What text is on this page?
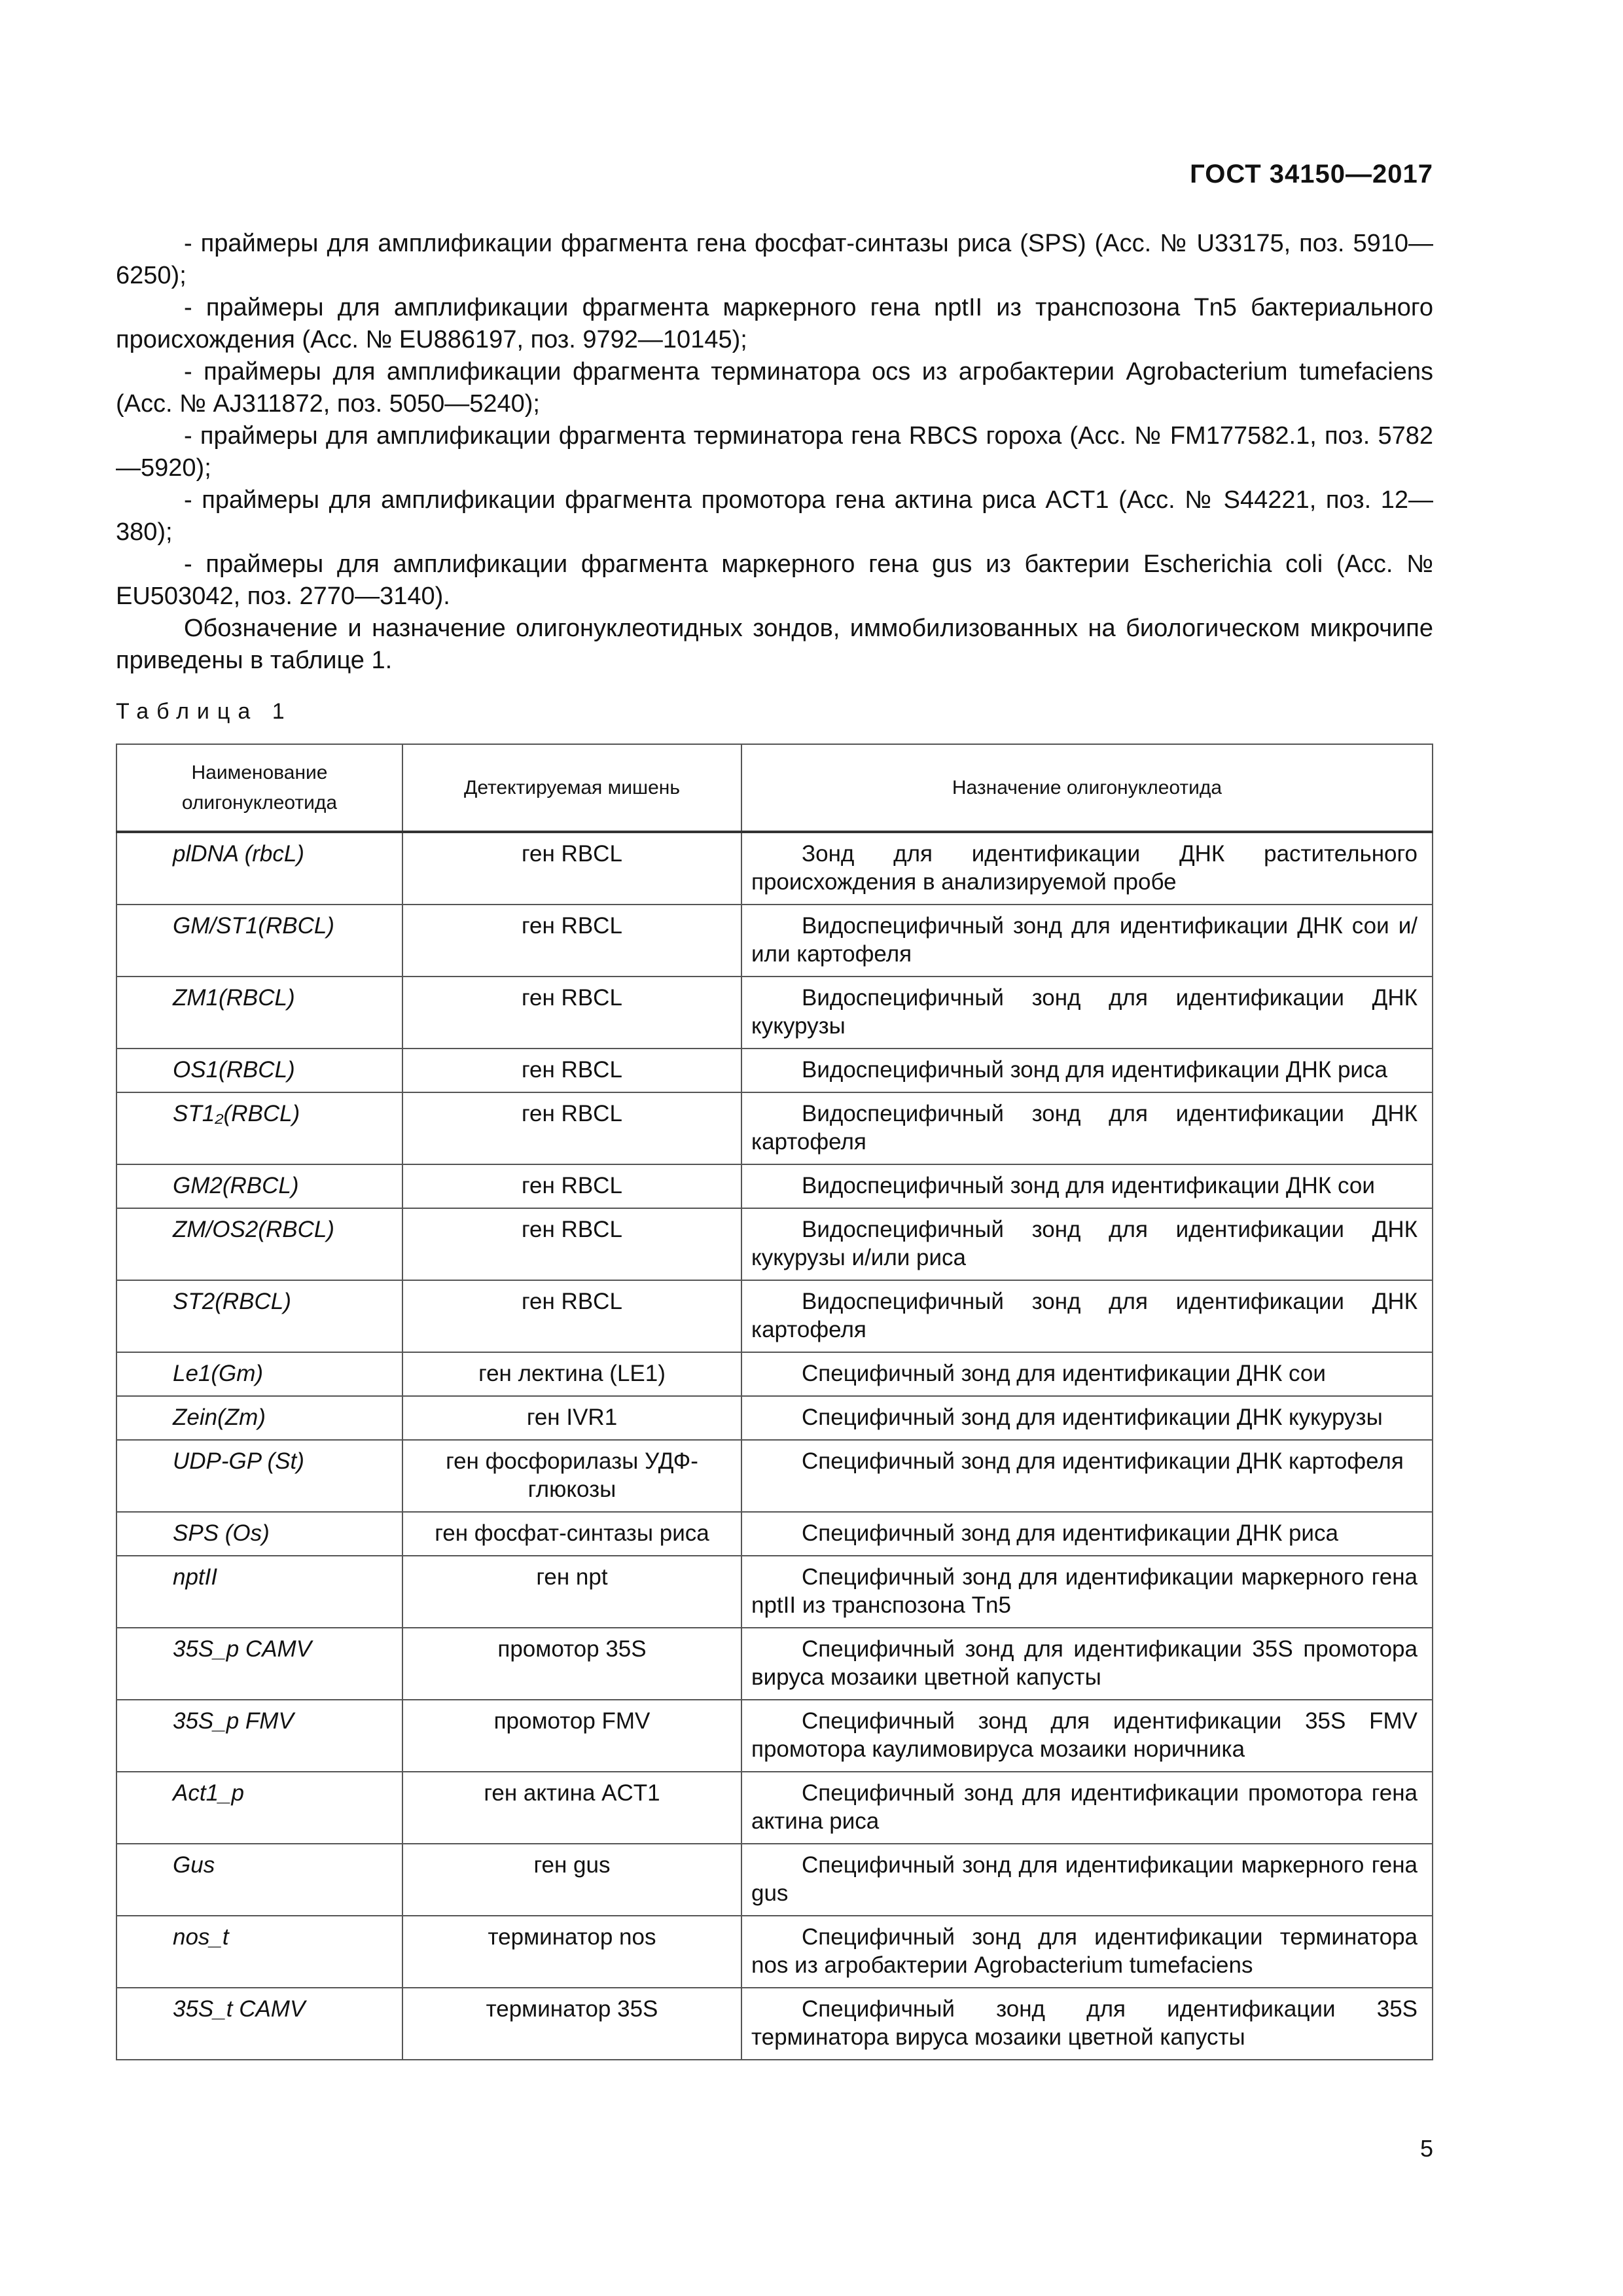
ГОСТ 34150—2017

- праймеры для амплификации фрагмента гена фосфат-синтазы риса (SPS) (Асс. № U33175, поз. 5910—6250);

- праймеры для амплификации фрагмента маркерного гена nptII из транспозона Tn5 бактериального происхождения (Асс. № EU886197, поз. 9792—10145);

- праймеры для амплификации фрагмента терминатора ocs из агробактерии Agrobacterium tumefaciens (Асс. № AJ311872, поз. 5050—5240);

- праймеры для амплификации фрагмента терминатора гена RBCS гороха (Асс. № FM177582.1, поз. 5782—5920);

- праймеры для амплификации фрагмента промотора гена актина риса ACT1 (Асс. № S44221, поз. 12—380);

- праймеры для амплификации фрагмента маркерного гена gus из бактерии Escherichia coli (Асс. № EU503042, поз. 2770—3140).

Обозначение и назначение олигонуклеотидных зондов, иммобилизованных на биологическом микрочипе приведены в таблице 1.

Таблица 1
Наименование олигонуклеотида	Детектируемая мишень	Назначение олигонуклеотида
plDNA (rbcL)	ген RBCL	Зонд для идентификации ДНК растительного происхождения в анализируемой пробе
GM/ST1(RBCL)	ген RBCL	Видоспецифичный зонд для идентификации ДНК сои и/или картофеля
ZM1(RBCL)	ген RBCL	Видоспецифичный зонд для идентификации ДНК кукурузы
OS1(RBCL)	ген RBCL	Видоспецифичный зонд для идентификации ДНК риса
ST1₂(RBCL)	ген RBCL	Видоспецифичный зонд для идентификации ДНК картофеля
GM2(RBCL)	ген RBCL	Видоспецифичный зонд для идентификации ДНК сои
ZM/OS2(RBCL)	ген RBCL	Видоспецифичный зонд для идентификации ДНК кукурузы и/или риса
ST2(RBCL)	ген RBCL	Видоспецифичный зонд для идентификации ДНК картофеля
Le1(Gm)	ген лектина (LE1)	Специфичный зонд для идентификации ДНК сои
Zein(Zm)	ген IVR1	Специфичный зонд для идентификации ДНК кукурузы
UDP-GP (St)	ген фосфорилазы УДФ-глюкозы	Специфичный зонд для идентификации ДНК картофеля
SPS (Os)	ген фосфат-синтазы риса	Специфичный зонд для идентификации ДНК риса
nptII	ген npt	Специфичный зонд для идентификации маркерного гена nptII из транспозона Tn5
35S_p CAMV	промотор 35S	Специфичный зонд для идентификации 35S промотора вируса мозаики цветной капусты
35S_p FMV	промотор FMV	Специфичный зонд для идентификации 35S FMV промотора каулимовируса мозаики норичника
Act1_p	ген актина ACT1	Специфичный зонд для идентификации промотора гена актина риса
Gus	ген gus	Специфичный зонд для идентификации маркерного гена gus
nos_t	терминатор nos	Специфичный зонд для идентификации терминатора nos из агробактерии Agrobacterium tumefaciens
35S_t CAMV	терминатор 35S	Специфичный зонд для идентификации 35S терминатора вируса мозаики цветной капусты
5
